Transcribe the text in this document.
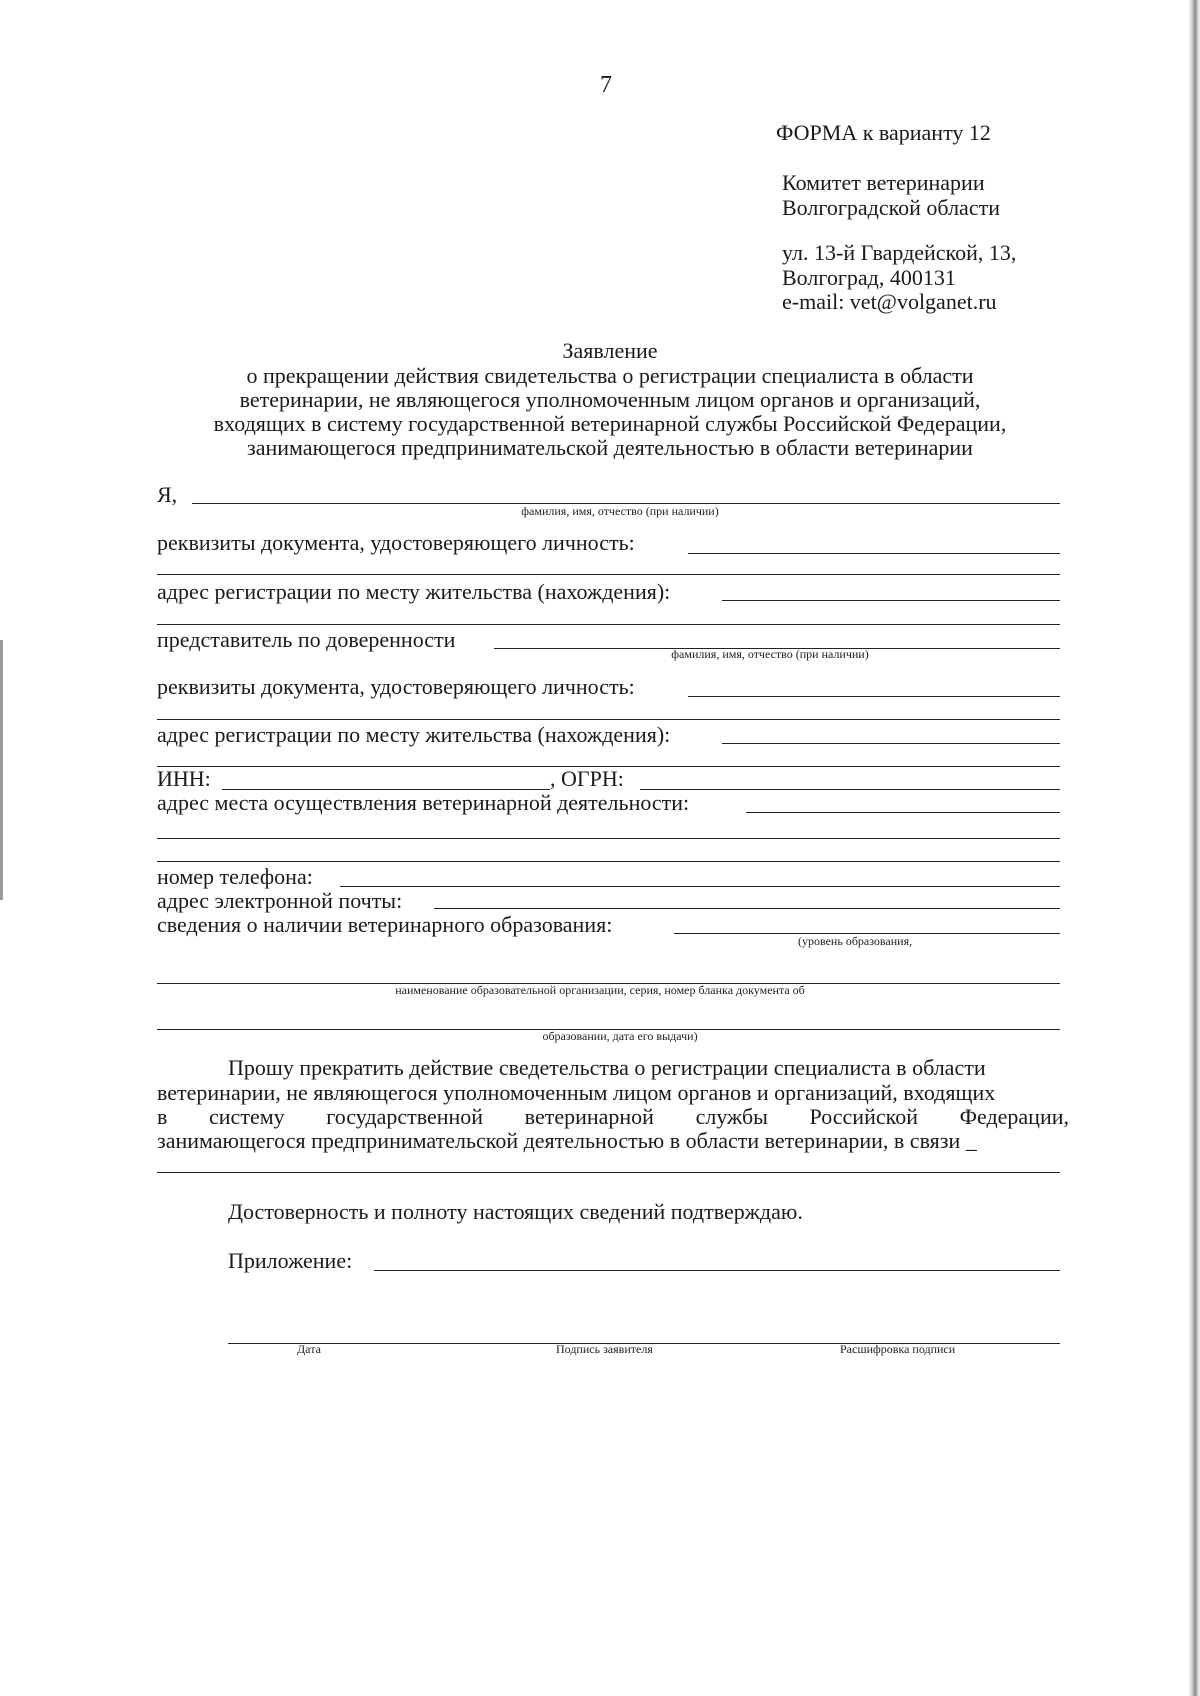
7
ФОРМА к варианту 12
Комитет ветеринарии
Волгоградской области
ул. 13-й Гвардейской, 13,
Волгоград, 400131
e-mail: vet@volganet.ru
Заявление
о прекращении действия свидетельства о регистрации специалиста в области
ветеринарии, не являющегося уполномоченным лицом органов и организаций,
входящих в систему государственной ветеринарной службы Российской Федерации,
занимающегося предпринимательской деятельностью в области ветеринарии
Я,
фамилия, имя, отчество (при наличии)
реквизиты документа, удостоверяющего личность:
адрес регистрации по месту жительства (нахождения):
представитель по доверенности
фамилия, имя, отчество (при наличии)
реквизиты документа, удостоверяющего личность:
адрес регистрации по месту жительства (нахождения):
ИНН:	, ОГРН:
адрес места осуществления ветеринарной деятельности:
номер телефона:
адрес электронной почты:
сведения о наличии ветеринарного образования:
(уровень образования,
наименование образовательной организации, серия, номер бланка документа об
образовании, дата его выдачи)
Прошу прекратить действие сведетельства о регистрации специалиста в области
ветеринарии, не являющегося уполномоченным лицом органов и организаций, входящих
в систему государственной ветеринарной службы Российской Федерации,
занимающегося предпринимательской деятельностью в области ветеринарии, в связи _
Достоверность и полноту настоящих сведений подтверждаю.
Приложение:
Дата	Подпись заявителя	Расшифровка подписи
